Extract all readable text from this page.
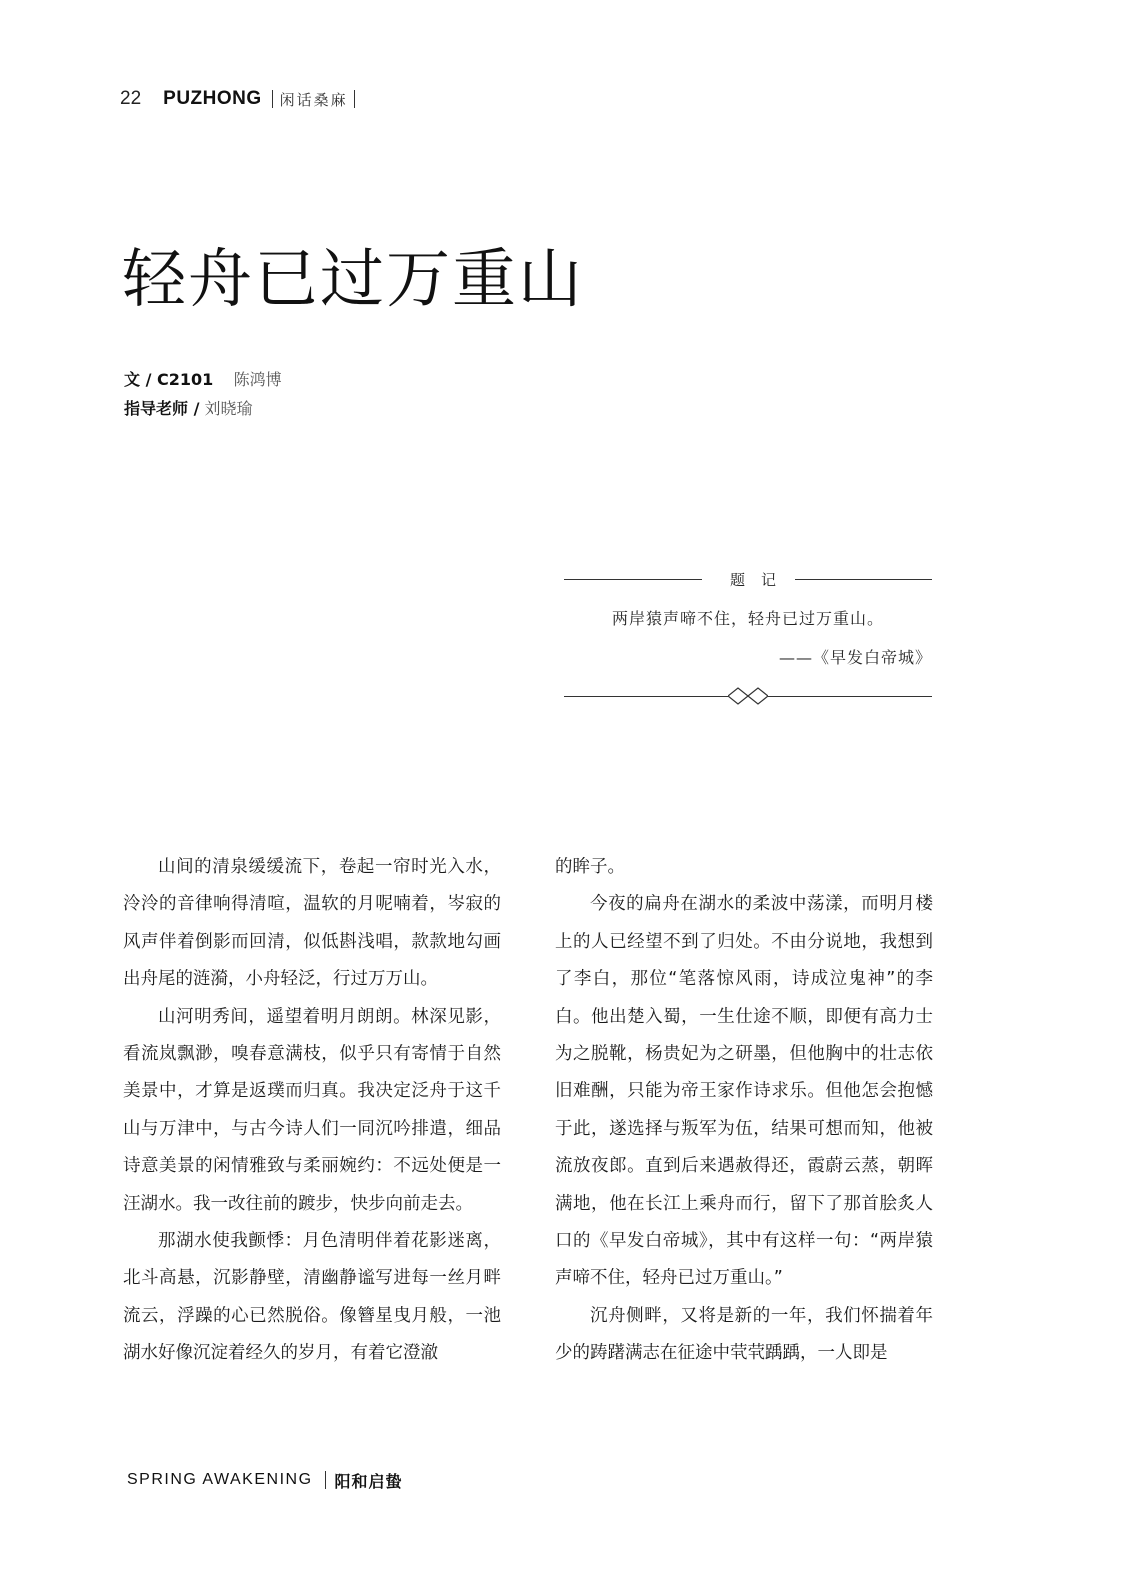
22 PUZHONG 闲话桑麻
轻舟已过万重山
文 / C2101 陈鸿博
指导老师 / 刘晓瑜
题记
两岸猿声啼不住，轻舟已过万重山。
——《早发白帝城》

山间的清泉缓缓流下，卷起一帘时光入水，泠泠的音律响得清喧，温软的月呢喃着，岑寂的风声伴着倒影而回清，似低斟浅唱，款款地勾画出舟尾的涟漪，小舟轻泛，行过万万山。

山河明秀间，遥望着明月朗朗。林深见影，看流岚飘渺，嗅春意满枝，似乎只有寄情于自然美景中，才算是返璞而归真。我决定泛舟于这千山与万津中，与古今诗人们一同沉吟排遣，细品诗意美景的闲情雅致与柔丽婉约：不远处便是一汪湖水。我一改往前的踱步，快步向前走去。

那湖水使我颤悸：月色清明伴着花影迷离，北斗高悬，沉影静壁，清幽静谧写进每一丝月畔流云，浮躁的心已然脱俗。像簪星曳月般，一池湖水好像沉淀着经久的岁月，有着它澄澈

的眸子。

今夜的扁舟在湖水的柔波中荡漾，而明月楼上的人已经望不到了归处。不由分说地，我想到了李白，那位“笔落惊风雨，诗成泣鬼神”的李白。他出楚入蜀，一生仕途不顺，即便有高力士为之脱靴，杨贵妃为之研墨，但他胸中的壮志依旧难酬，只能为帝王家作诗求乐。但他怎会抱憾于此，遂选择与叛军为伍，结果可想而知，他被流放夜郎。直到后来遇赦得还，霞蔚云蒸，朝晖满地，他在长江上乘舟而行，留下了那首脍炙人口的《早发白帝城》，其中有这样一句：“两岸猿声啼不住，轻舟已过万重山。”

沉舟侧畔，又将是新的一年，我们怀揣着年少的踌躇满志在征途中茕茕踽踽，一人即是

SPRING AWAKENING 阳和启蛰
